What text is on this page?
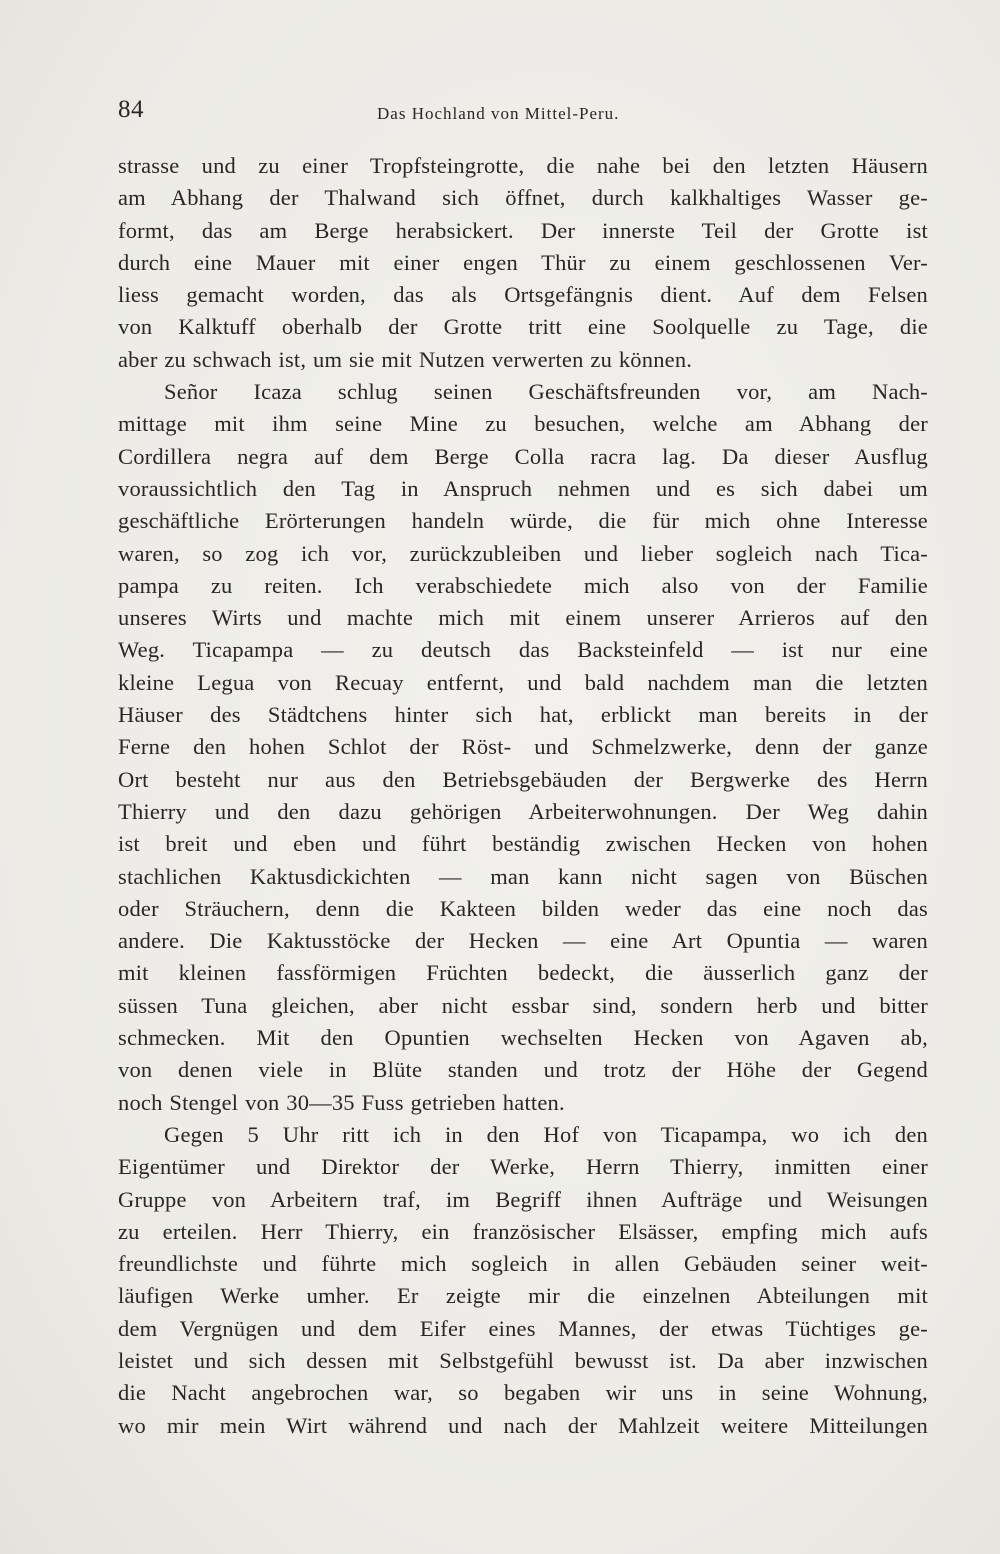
84	Das Hochland von Mittel-Peru.
strasse und zu einer Tropfsteingrotte, die nahe bei den letzten Häusern
am Abhang der Thalwand sich öffnet, durch kalkhaltiges Wasser ge-
formt, das am Berge herabsickert. Der innerste Teil der Grotte ist
durch eine Mauer mit einer engen Thür zu einem geschlossenen Ver-
liess gemacht worden, das als Ortsgefängnis dient. Auf dem Felsen
von Kalktuff oberhalb der Grotte tritt eine Soolquelle zu Tage, die
aber zu schwach ist, um sie mit Nutzen verwerten zu können.
Señor Icaza schlug seinen Geschäftsfreunden vor, am Nach-
mittage mit ihm seine Mine zu besuchen, welche am Abhang der
Cordillera negra auf dem Berge Colla racra lag. Da dieser Ausflug
voraussichtlich den Tag in Anspruch nehmen und es sich dabei um
geschäftliche Erörterungen handeln würde, die für mich ohne Interesse
waren, so zog ich vor, zurückzubleiben und lieber sogleich nach Tica-
pampa zu reiten. Ich verabschiedete mich also von der Familie
unseres Wirts und machte mich mit einem unserer Arrieros auf den
Weg. Ticapampa — zu deutsch das Backsteinfeld — ist nur eine
kleine Legua von Recuay entfernt, und bald nachdem man die letzten
Häuser des Städtchens hinter sich hat, erblickt man bereits in der
Ferne den hohen Schlot der Röst- und Schmelzwerke, denn der ganze
Ort besteht nur aus den Betriebsgebäuden der Bergwerke des Herrn
Thierry und den dazu gehörigen Arbeiterwohnungen. Der Weg dahin
ist breit und eben und führt beständig zwischen Hecken von hohen
stachlichen Kaktusdickichten — man kann nicht sagen von Büschen
oder Sträuchern, denn die Kakteen bilden weder das eine noch das
andere. Die Kaktusstöcke der Hecken — eine Art Opuntia — waren
mit kleinen fassförmigen Früchten bedeckt, die äusserlich ganz der
süssen Tuna gleichen, aber nicht essbar sind, sondern herb und bitter
schmecken. Mit den Opuntien wechselten Hecken von Agaven ab,
von denen viele in Blüte standen und trotz der Höhe der Gegend
noch Stengel von 30—35 Fuss getrieben hatten.
Gegen 5 Uhr ritt ich in den Hof von Ticapampa, wo ich den
Eigentümer und Direktor der Werke, Herrn Thierry, inmitten einer
Gruppe von Arbeitern traf, im Begriff ihnen Aufträge und Weisungen
zu erteilen. Herr Thierry, ein französischer Elsässer, empfing mich aufs
freundlichste und führte mich sogleich in allen Gebäuden seiner weit-
läufigen Werke umher. Er zeigte mir die einzelnen Abteilungen mit
dem Vergnügen und dem Eifer eines Mannes, der etwas Tüchtiges ge-
leistet und sich dessen mit Selbstgefühl bewusst ist. Da aber inzwischen
die Nacht angebrochen war, so begaben wir uns in seine Wohnung,
wo mir mein Wirt während und nach der Mahlzeit weitere Mitteilungen
